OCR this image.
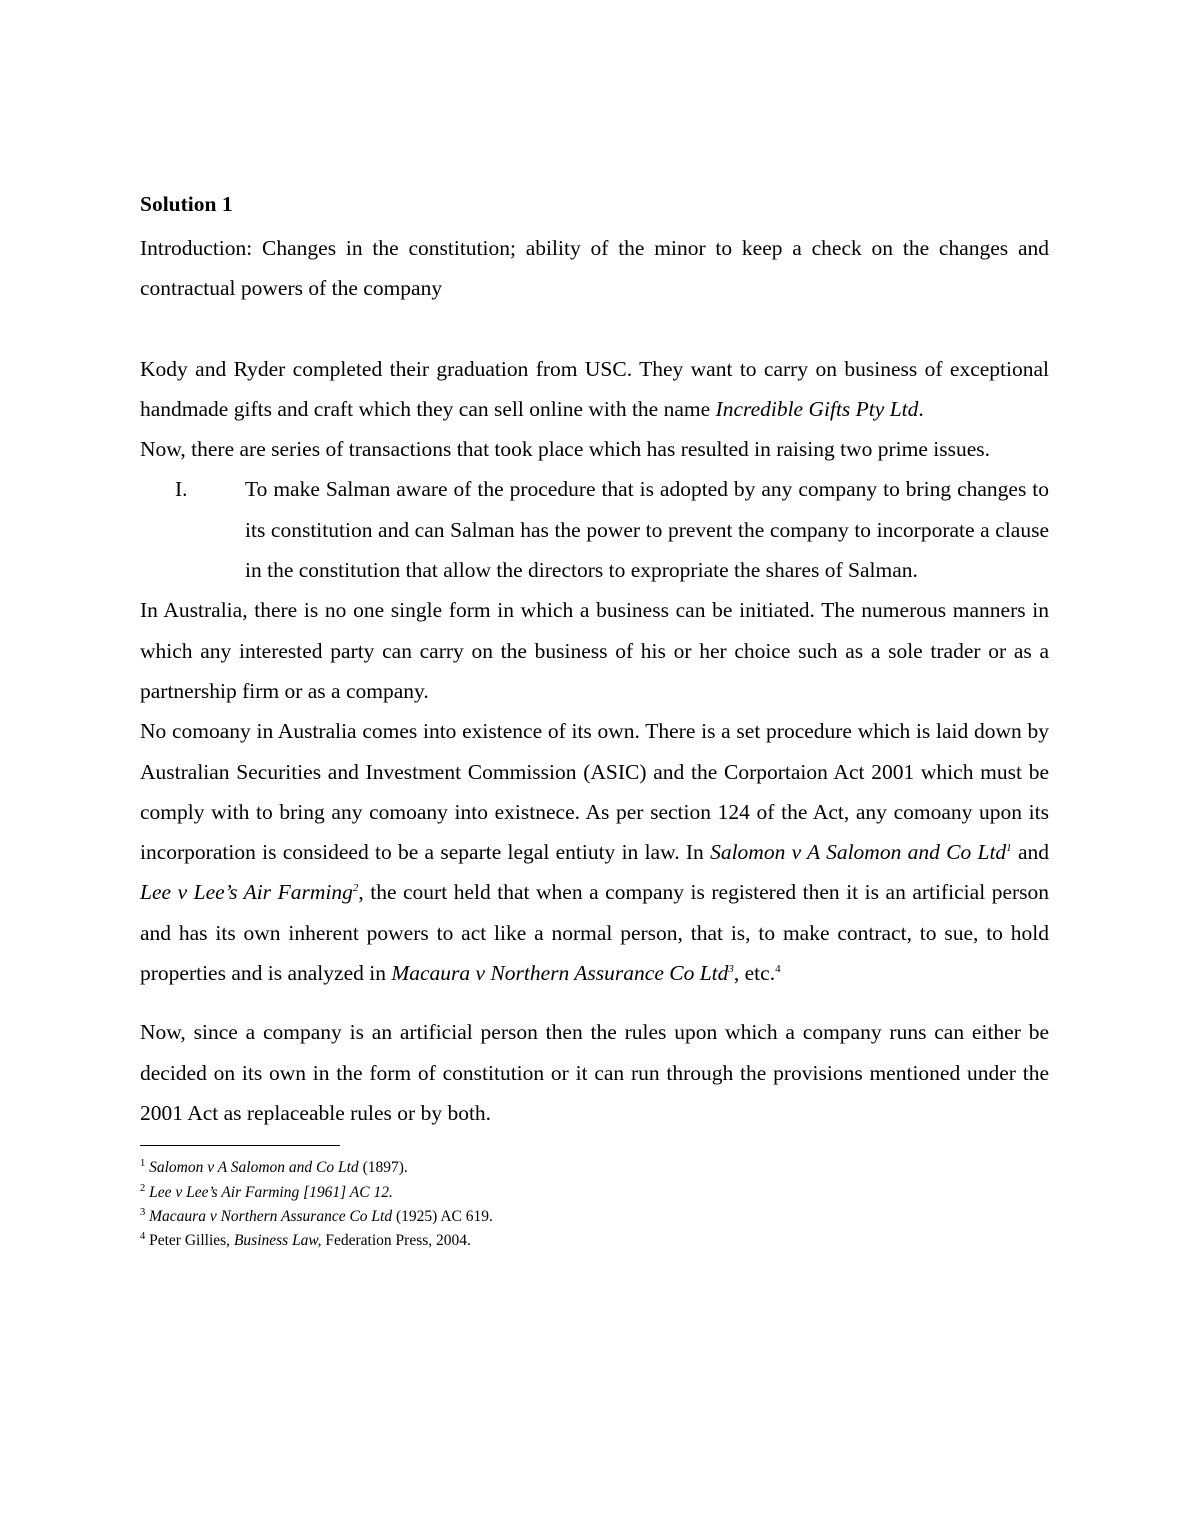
Solution 1

Introduction: Changes in the constitution; ability of the minor to keep a check on the changes and contractual powers of the company

Kody and Ryder completed their graduation from USC. They want to carry on business of exceptional handmade gifts and craft which they can sell online with the name Incredible Gifts Pty Ltd.

Now, there are series of transactions that took place which has resulted in raising two prime issues.

I.	To make Salman aware of the procedure that is adopted by any company to bring changes to its constitution and can Salman has the power to prevent the company to incorporate a clause in the constitution that allow the directors to expropriate the shares of Salman.

In Australia, there is no one single form in which a business can be initiated. The numerous manners in which any interested party can carry on the business of his or her choice such as a sole trader or as a partnership firm or as a company.

No comoany in Australia comes into existence of its own. There is a set procedure which is laid down by Australian Securities and Investment Commission (ASIC) and the Corportaion Act 2001 which must be comply with to bring any comoany into existnece. As per section 124 of the Act, any comoany upon its incorporation is considеed to be a separte legal entiuty in law. In Salomon v A Salomon and Co Ltd$^1$ and Lee v Lee’s Air Farming$^2$, the court held that when a company is registered then it is an artificial person and has its own inherent powers to act like a normal person, that is, to make contract, to sue, to hold properties and is analyzed in Macaura v Northern Assurance Co Ltd$^3$, etc.$^4$

Now, since a company is an artificial person then the rules upon which a company runs can either be decided on its own in the form of constitution or it can run through the provisions mentioned under the 2001 Act as replaceable rules or by both.

$^1$ Salomon v A Salomon and Co Ltd (1897).
$^2$ Lee v Lee’s Air Farming [1961] AC 12.
$^3$ Macaura v Northern Assurance Co Ltd (1925) AC 619.
$^4$ Peter Gillies, Business Law, Federation Press, 2004.
